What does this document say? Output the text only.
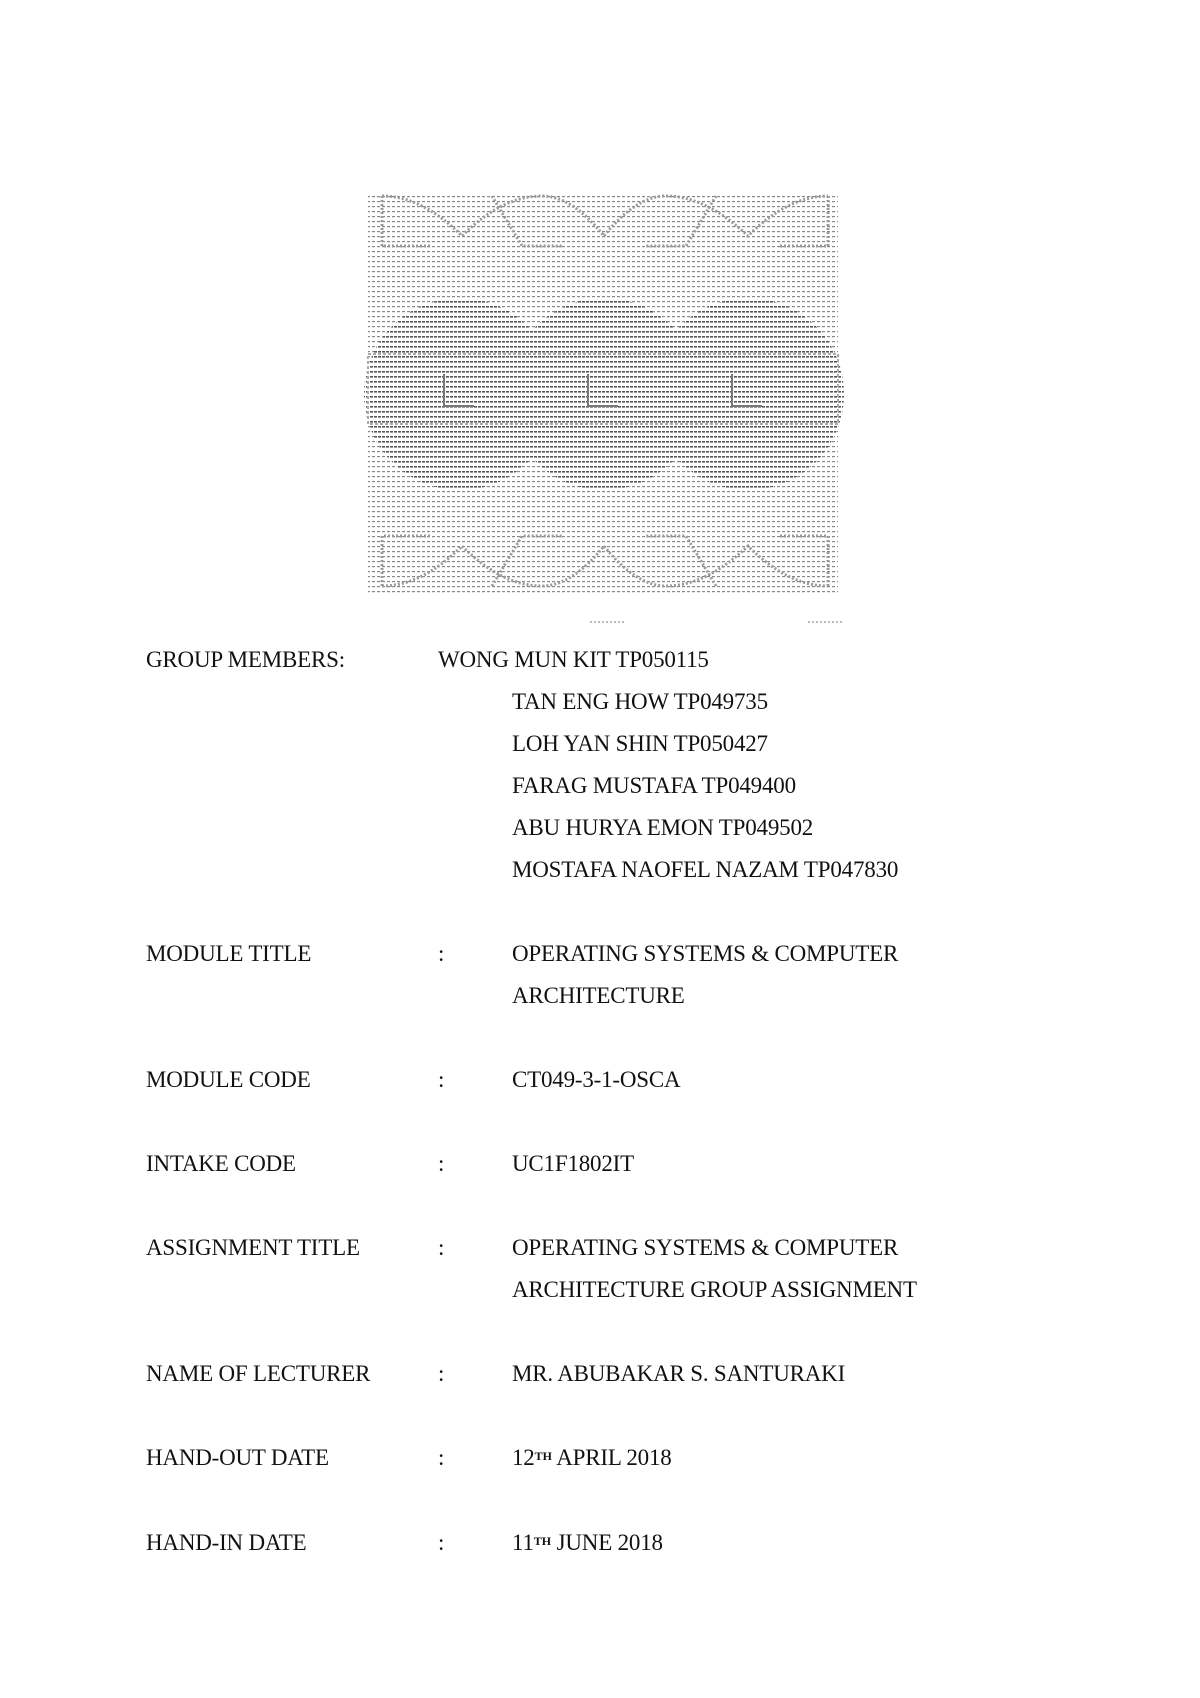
GROUP MEMBERS:	WONG MUN KIT TP050115
TAN ENG HOW TP049735
LOH YAN SHIN TP050427
FARAG MUSTAFA TP049400
ABU HURYA EMON TP049502
MOSTAFA NAOFEL NAZAM TP047830
MODULE TITLE	:	OPERATING SYSTEMS & COMPUTER
ARCHITECTURE
MODULE CODE	:	CT049-3-1-OSCA
INTAKE CODE	:	UC1F1802IT
ASSIGNMENT TITLE	:	OPERATING SYSTEMS & COMPUTER
ARCHITECTURE GROUP ASSIGNMENT
NAME OF LECTURER	:	MR. ABUBAKAR S. SANTURAKI
HAND-OUT DATE	:	12TH APRIL 2018
HAND-IN DATE	:	11TH JUNE 2018
